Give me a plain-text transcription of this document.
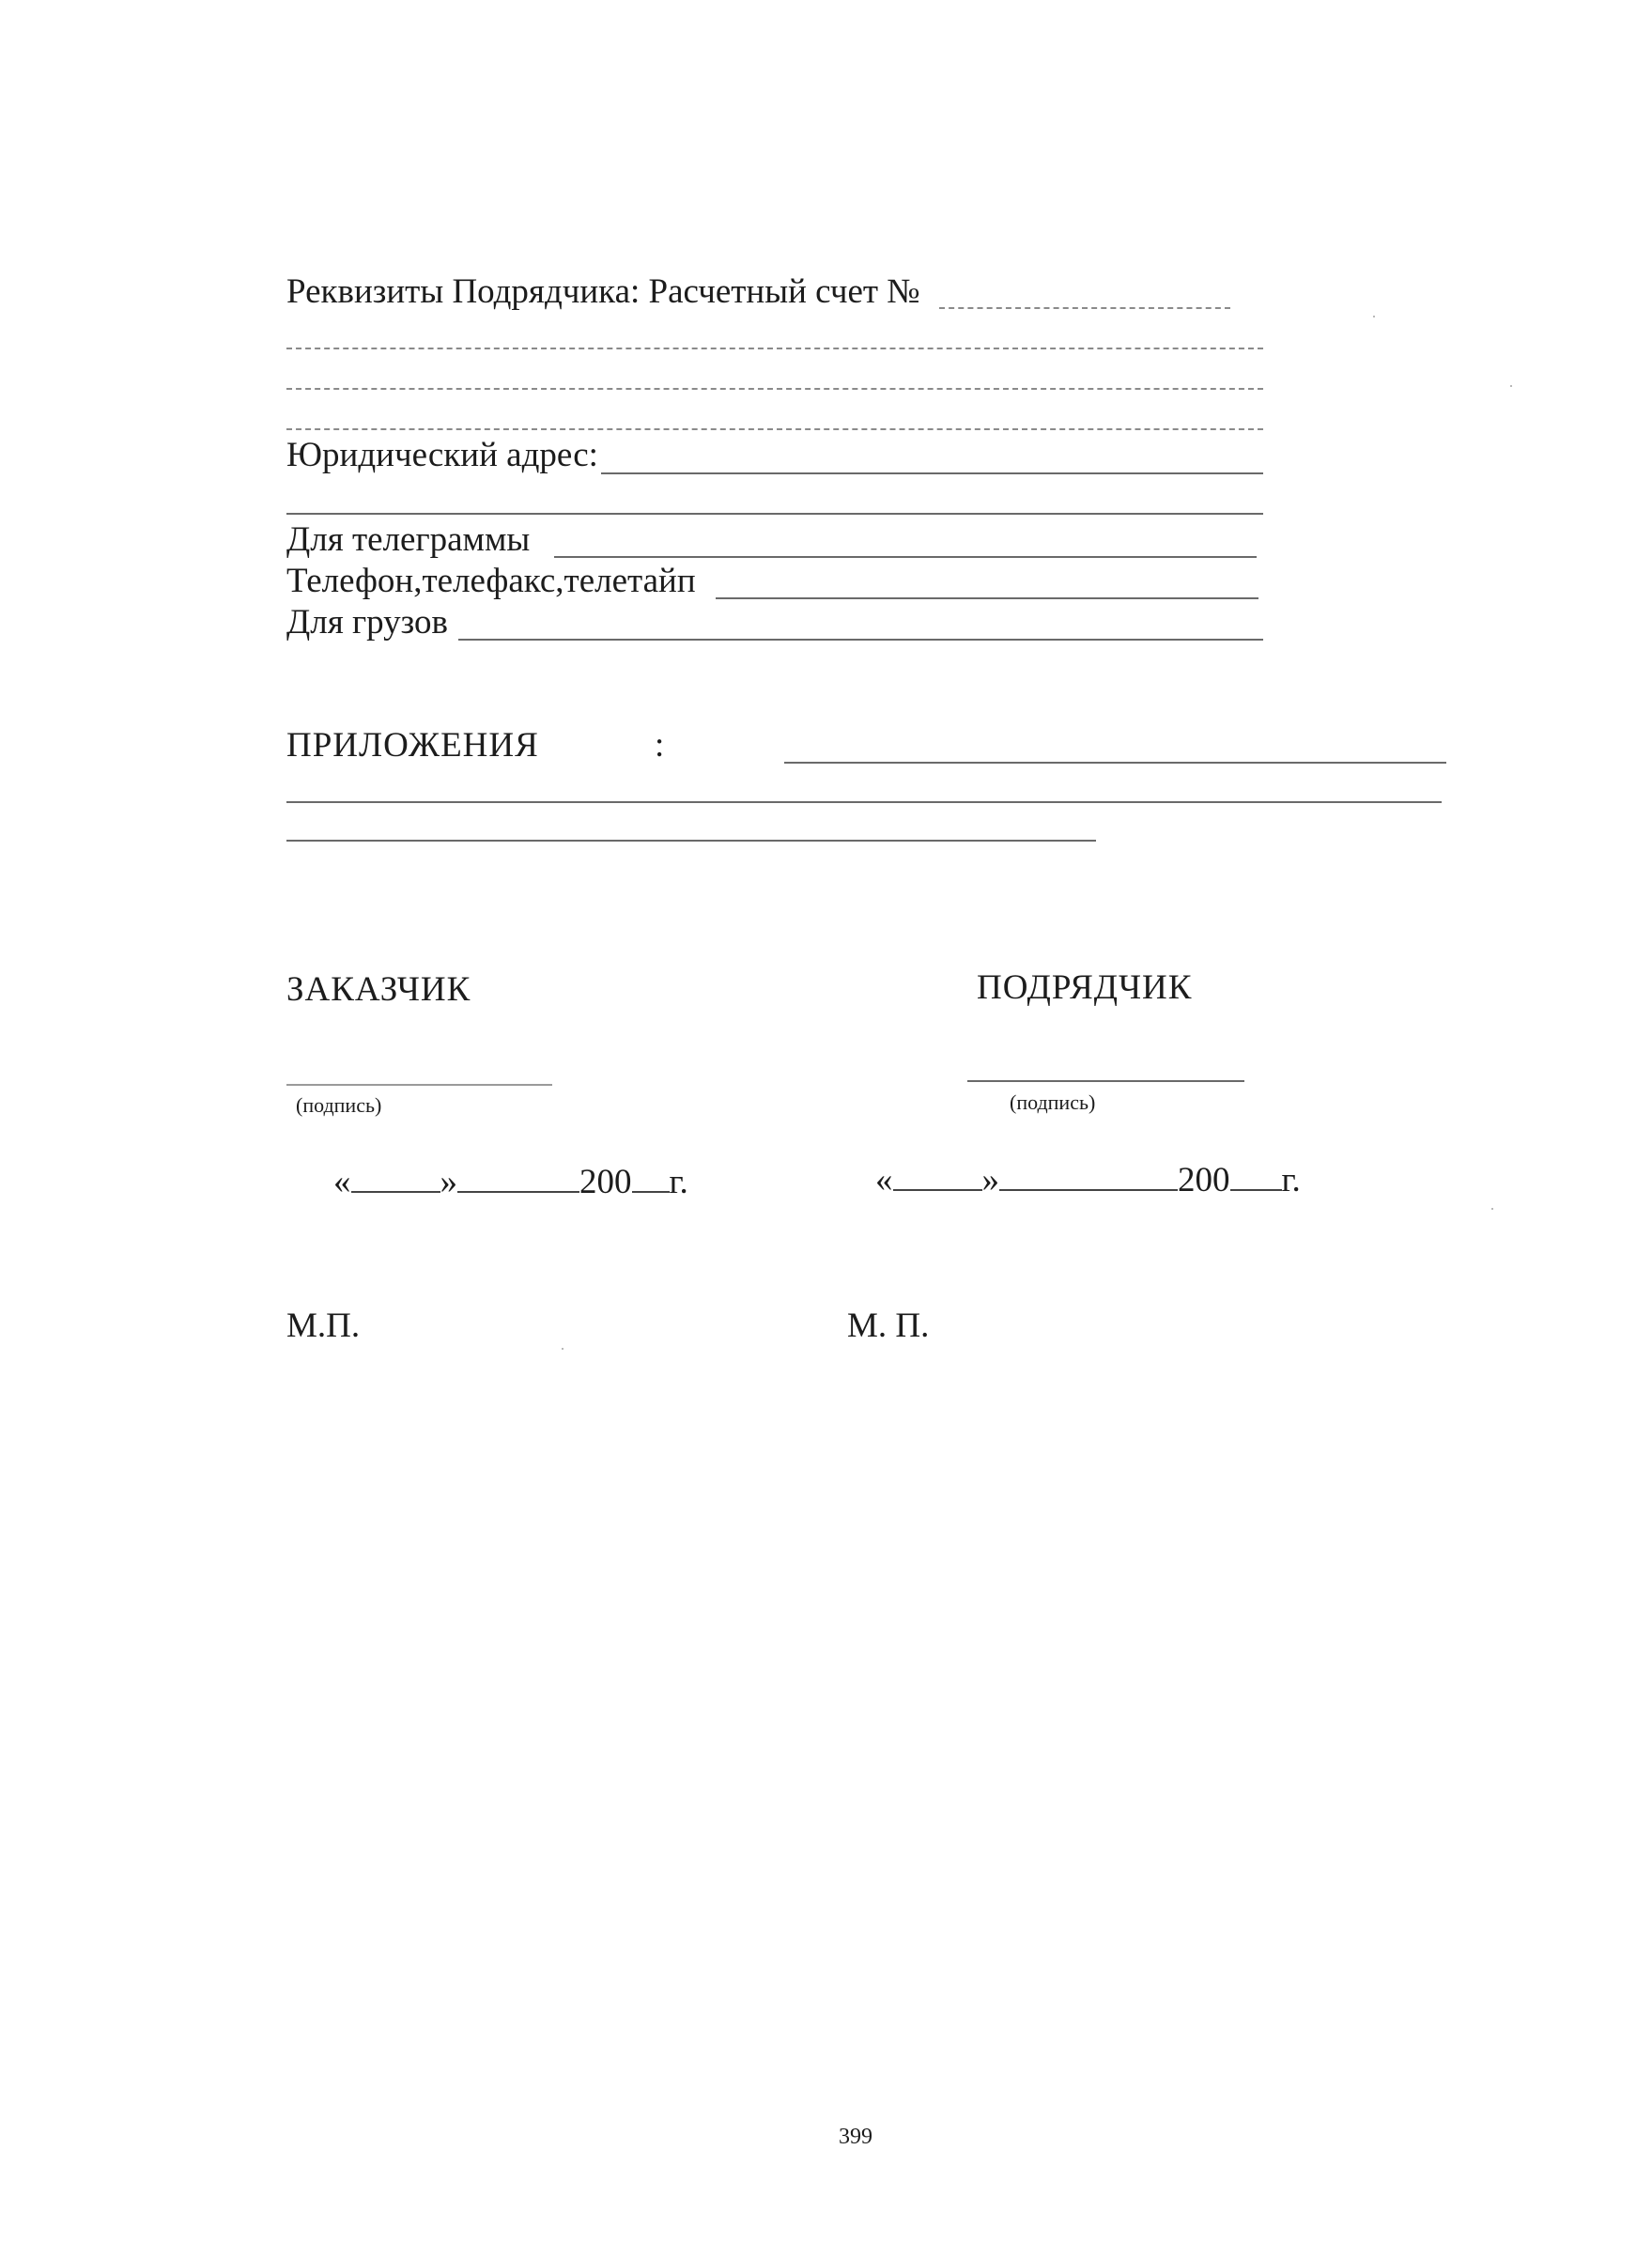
Реквизиты Подрядчика: Расчетный счет №
Юридический адрес:
Для телеграммы
Телефон,телефакс,телетайп
Для грузов
ПРИЛОЖЕНИЯ	:
ЗАКАЗЧИК
(подпись)
«	»	200 г.
М.П.
ПОДРЯДЧИК
(подпись)
«	»	200 г.
М. П.
399
